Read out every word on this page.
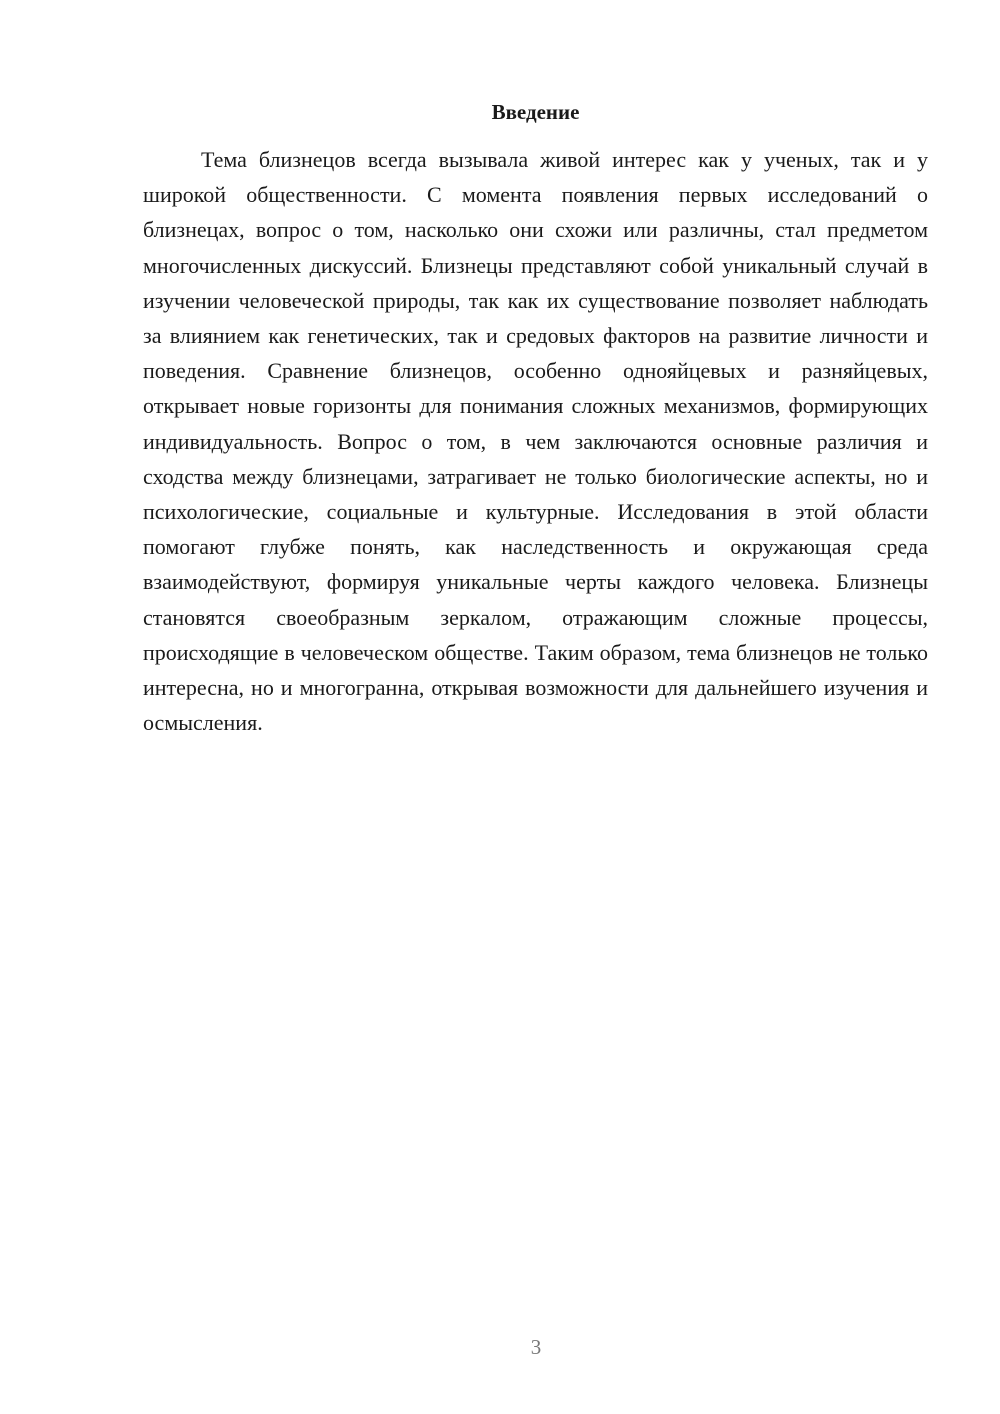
Введение

Тема близнецов всегда вызывала живой интерес как у ученых, так и у широкой общественности. С момента появления первых исследований о близнецах, вопрос о том, насколько они схожи или различны, стал предметом многочисленных дискуссий. Близнецы представляют собой уникальный случай в изучении человеческой природы, так как их существование позволяет наблюдать за влиянием как генетических, так и средовых факторов на развитие личности и поведения. Сравнение близнецов, особенно однояйцевых и разняйцевых, открывает новые горизонты для понимания сложных механизмов, формирующих индивидуальность. Вопрос о том, в чем заключаются основные различия и сходства между близнецами, затрагивает не только биологические аспекты, но и психологические, социальные и культурные. Исследования в этой области помогают глубже понять, как наследственность и окружающая среда взаимодействуют, формируя уникальные черты каждого человека. Близнецы становятся своеобразным зеркалом, отражающим сложные процессы, происходящие в человеческом обществе. Таким образом, тема близнецов не только интересна, но и многогранна, открывая возможности для дальнейшего изучения и осмысления.

3
